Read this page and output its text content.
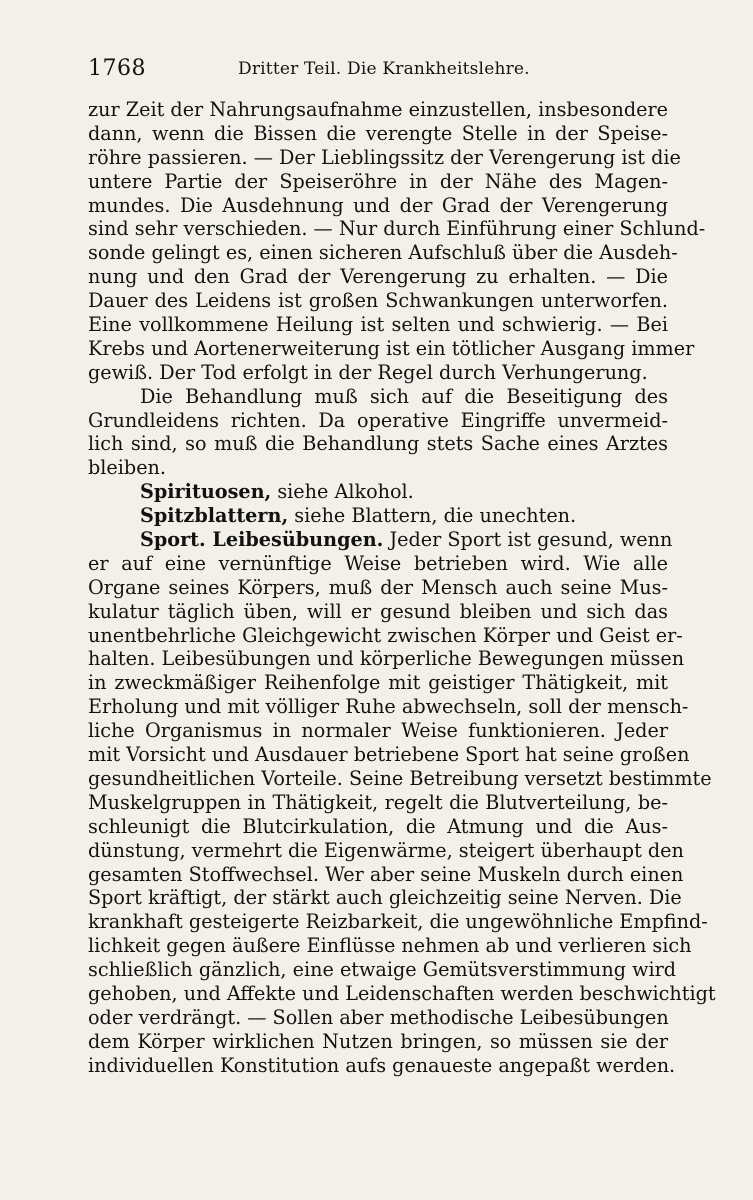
1768	Dritter Teil. Die Krankheitslehre.
zur Zeit der Nahrungsaufnahme einzustellen, insbesondere
dann, wenn die Bissen die verengte Stelle in der Speise-
röhre passieren. — Der Lieblingssitz der Verengerung ist die
untere Partie der Speiseröhre in der Nähe des Magen-
mundes. Die Ausdehnung und der Grad der Verengerung
sind sehr verschieden. — Nur durch Einführung einer Schlund-
sonde gelingt es, einen sicheren Aufschluß über die Ausdeh-
nung und den Grad der Verengerung zu erhalten. — Die
Dauer des Leidens ist großen Schwankungen unterworfen.
Eine vollkommene Heilung ist selten und schwierig. — Bei
Krebs und Aortenerweiterung ist ein tötlicher Ausgang immer
gewiß. Der Tod erfolgt in der Regel durch Verhungerung.
Die Behandlung muß sich auf die Beseitigung des
Grundleidens richten. Da operative Eingriffe unvermeid-
lich sind, so muß die Behandlung stets Sache eines Arztes
bleiben.
Spirituosen, siehe Alkohol.
Spitzblattern, siehe Blattern, die unechten.
Sport. Leibesübungen. Jeder Sport ist gesund, wenn
er auf eine vernünftige Weise betrieben wird. Wie alle
Organe seines Körpers, muß der Mensch auch seine Mus-
kulatur täglich üben, will er gesund bleiben und sich das
unentbehrliche Gleichgewicht zwischen Körper und Geist er-
halten. Leibesübungen und körperliche Bewegungen müssen
in zweckmäßiger Reihenfolge mit geistiger Thätigkeit, mit
Erholung und mit völliger Ruhe abwechseln, soll der mensch-
liche Organismus in normaler Weise funktionieren. Jeder
mit Vorsicht und Ausdauer betriebene Sport hat seine großen
gesundheitlichen Vorteile. Seine Betreibung versetzt bestimmte
Muskelgruppen in Thätigkeit, regelt die Blutverteilung, be-
schleunigt die Blutcirkulation, die Atmung und die Aus-
dünstung, vermehrt die Eigenwärme, steigert überhaupt den
gesamten Stoffwechsel. Wer aber seine Muskeln durch einen
Sport kräftigt, der stärkt auch gleichzeitig seine Nerven. Die
krankhaft gesteigerte Reizbarkeit, die ungewöhnliche Empfind-
lichkeit gegen äußere Einflüsse nehmen ab und verlieren sich
schließlich gänzlich, eine etwaige Gemütsverstimmung wird
gehoben, und Affekte und Leidenschaften werden beschwichtigt
oder verdrängt. — Sollen aber methodische Leibesübungen
dem Körper wirklichen Nutzen bringen, so müssen sie der
individuellen Konstitution aufs genaueste angepaßt werden.
